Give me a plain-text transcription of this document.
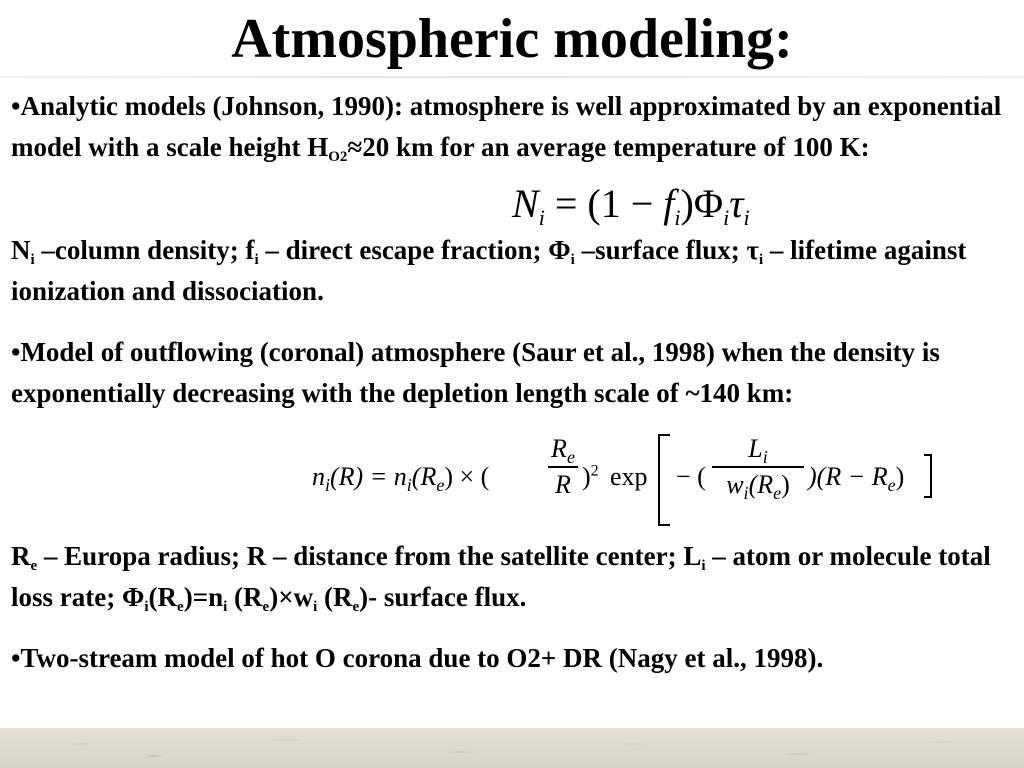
Atmospheric modeling:
•Analytic models (Johnson, 1990): atmosphere is well approximated by an exponential model with a scale height $H_{O2}\approx 20$ km for an average temperature of 100 K:
$N_i = (1 - f_i)\Phi_i\tau_i$
$N_i$ –column density; $f_i$ – direct escape fraction; $\Phi_i$ –surface flux; $\tau_i$ – lifetime against ionization and dissociation.
•Model of outflowing (coronal) atmosphere (Saur et al., 1998) when the density is exponentially decreasing with the depletion length scale of ~140 km:
$n_i(R) = n_i(R_e)$ × (
$R_e$
R )$^2$ exp − (
$L_i$
$w_i(R_e) )(R - R_e)$
$R_e$ – Europa radius; R – distance from the satellite center; $L_i$ – atom or molecule total loss rate; $\Phi_i(R_e)=n_i$ $(R_e)\times w_i$ $(R_e)-$ surface flux.
•Two-stream model of hot O corona due to O2+ DR (Nagy et al., 1998).
